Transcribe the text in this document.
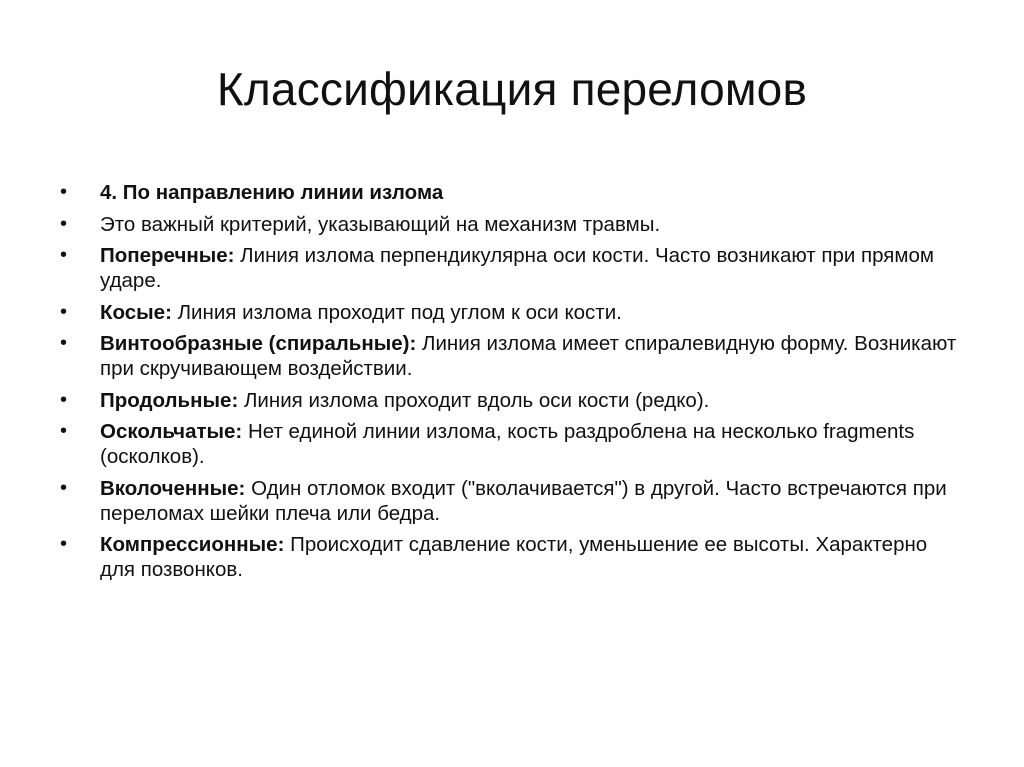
Классификация переломов
•	4. По направлению линии излома
•	Это важный критерий, указывающий на механизм травмы.
•	Поперечные: Линия излома перпендикулярна оси кости. Часто возникают при прямом ударе.
•	Косые: Линия излома проходит под углом к оси кости.
•	Винтообразные (спиральные): Линия излома имеет спиралевидную форму. Возникают при скручивающем воздействии.
•	Продольные: Линия излома проходит вдоль оси кости (редко).
•	Оскольчатые: Нет единой линии излома, кость раздроблена на несколько fragments (осколков).
•	Вколоченные: Один отломок входит ("вколачивается") в другой. Часто встречаются при переломах шейки плеча или бедра.
•	Компрессионные: Происходит сдавление кости, уменьшение ее высоты. Характерно для позвонков.
